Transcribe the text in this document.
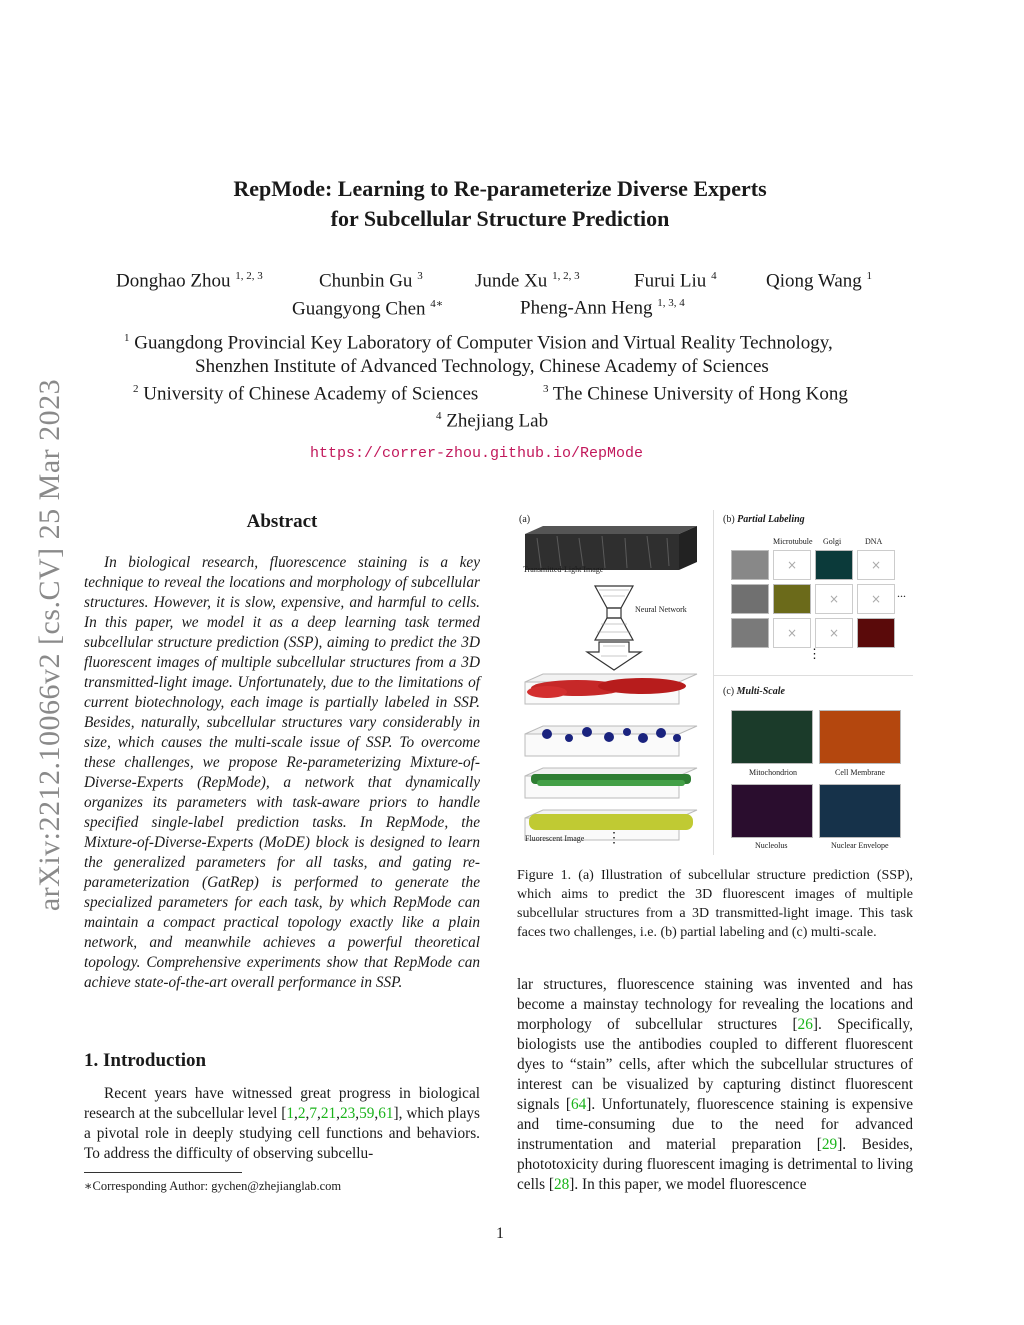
arXiv:2212.10066v2 [cs.CV] 25 Mar 2023
RepMode: Learning to Re-parameterize Diverse Experts
for Subcellular Structure Prediction
Donghao Zhou $^{1, 2, 3}$	Chunbin Gu $^3$	Junde Xu $^{1, 2, 3}$	Furui Liu $^4$	Qiong Wang $^1$
Guangyong Chen $^{4∗}$	Pheng-Ann Heng $^{1, 3, 4}$
$^1$ Guangdong Provincial Key Laboratory of Computer Vision and Virtual Reality Technology,
Shenzhen Institute of Advanced Technology, Chinese Academy of Sciences
$^2$ University of Chinese Academy of Sciences	$^3$ The Chinese University of Hong Kong
$^4$ Zhejiang Lab
https://correr-zhou.github.io/RepMode
Abstract
In biological research, fluorescence staining is a key technique to reveal the locations and morphology of subcellular structures. However, it is slow, expensive, and harmful to cells. In this paper, we model it as a deep learning task termed subcellular structure prediction (SSP), aiming to predict the 3D fluorescent images of multiple subcellular structures from a 3D transmitted-light image. Unfortunately, due to the limitations of current biotechnology, each image is partially labeled in SSP. Besides, naturally, subcellular structures vary considerably in size, which causes the multi-scale issue of SSP. To overcome these challenges, we propose Re-parameterizing Mixture-of-Diverse-Experts (RepMode), a network that dynamically organizes its parameters with task-aware priors to handle specified single-label prediction tasks. In RepMode, the Mixture-of-Diverse-Experts (MoDE) block is designed to learn the generalized parameters for all tasks, and gating re-parameterization (GatRep) is performed to generate the specialized parameters for each task, by which RepMode can maintain a compact practical topology exactly like a plain network, and meanwhile achieves a powerful theoretical topology. Comprehensive experiments show that RepMode can achieve state-of-the-art overall performance in SSP.
1. Introduction
Recent years have witnessed great progress in biological research at the subcellular level [1,2,7,21,23,59,61], which plays a pivotal role in deeply studying cell functions and behaviors. To address the difficulty of observing subcellu-
∗Corresponding Author: gychen@zhejianglab.com
(a)
Transmitted-Light Image
Neural Network
Fluorescent Image ⋮
(b) Partial Labeling
Microtubule Golgi	DNA
×	×
×	×	...
×	×
⋮
(c) Multi-Scale
Mitochondrion	Cell Membrane
Nucleolus	Nuclear Envelope
Figure 1. (a) Illustration of subcellular structure prediction (SSP), which aims to predict the 3D fluorescent images of multiple subcellular structures from a 3D transmitted-light image. This task faces two challenges, i.e. (b) partial labeling and (c) multi-scale.
lar structures, fluorescence staining was invented and has become a mainstay technology for revealing the locations and morphology of subcellular structures [26]. Specifically, biologists use the antibodies coupled to different fluorescent dyes to “stain” cells, after which the subcellular structures of interest can be visualized by capturing distinct fluorescent signals [64]. Unfortunately, fluorescence staining is expensive and time-consuming due to the need for advanced instrumentation and material preparation [29]. Besides, phototoxicity during fluorescent imaging is detrimental to living cells [28]. In this paper, we model fluorescence
1
